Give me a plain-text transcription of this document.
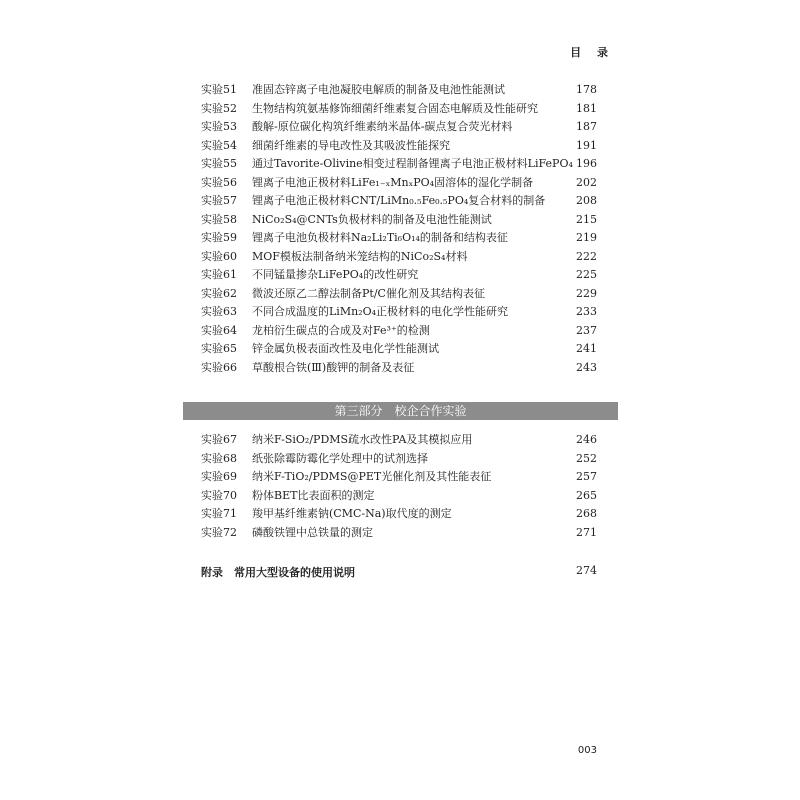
目 录
实验51 准固态锌离子电池凝胶电解质的制备及电池性能测试	178
实验52 生物结构筑氨基修饰细菌纤维素复合固态电解质及性能研究	181
实验53 酸解-原位碳化构筑纤维素纳米晶体-碳点复合荧光材料	187
实验54 细菌纤维素的导电改性及其吸波性能探究	191
实验55 通过Tavorite-Olivine相变过程制备锂离子电池正极材料LiFePO₄ 196
实验56 锂离子电池正极材料LiFe₁₋ₓMnₓPO₄固溶体的湿化学制备	202
实验57 锂离子电池正极材料CNT/LiMn₀.₅Fe₀.₅PO₄复合材料的制备	208
实验58 NiCo₂S₄@CNTs负极材料的制备及电池性能测试	215
实验59 锂离子电池负极材料Na₂Li₂Ti₆O₁₄的制备和结构表征	219
实验60 MOF模板法制备纳米笼结构的NiCo₂S₄材料	222
实验61 不同锰量掺杂LiFePO₄的改性研究	225
实验62 微波还原乙二醇法制备Pt/C催化剂及其结构表征	229
实验63 不同合成温度的LiMn₂O₄正极材料的电化学性能研究	233
实验64 龙柏衍生碳点的合成及对Fe³⁺的检测	237
实验65 锌金属负极表面改性及电化学性能测试	241
实验66 草酸根合铁(Ⅲ)酸钾的制备及表征	243
第三部分　校企合作实验
实验67 纳米F-SiO₂/PDMS疏水改性PA及其模拟应用	246
实验68 纸张除霉防霉化学处理中的试剂选择	252
实验69 纳米F-TiO₂/PDMS@PET光催化剂及其性能表征	257
实验70 粉体BET比表面积的测定	265
实验71 羧甲基纤维素钠(CMC-Na)取代度的测定	268
实验72 磷酸铁锂中总铁量的测定	271
附录 常用大型设备的使用说明	274
003
